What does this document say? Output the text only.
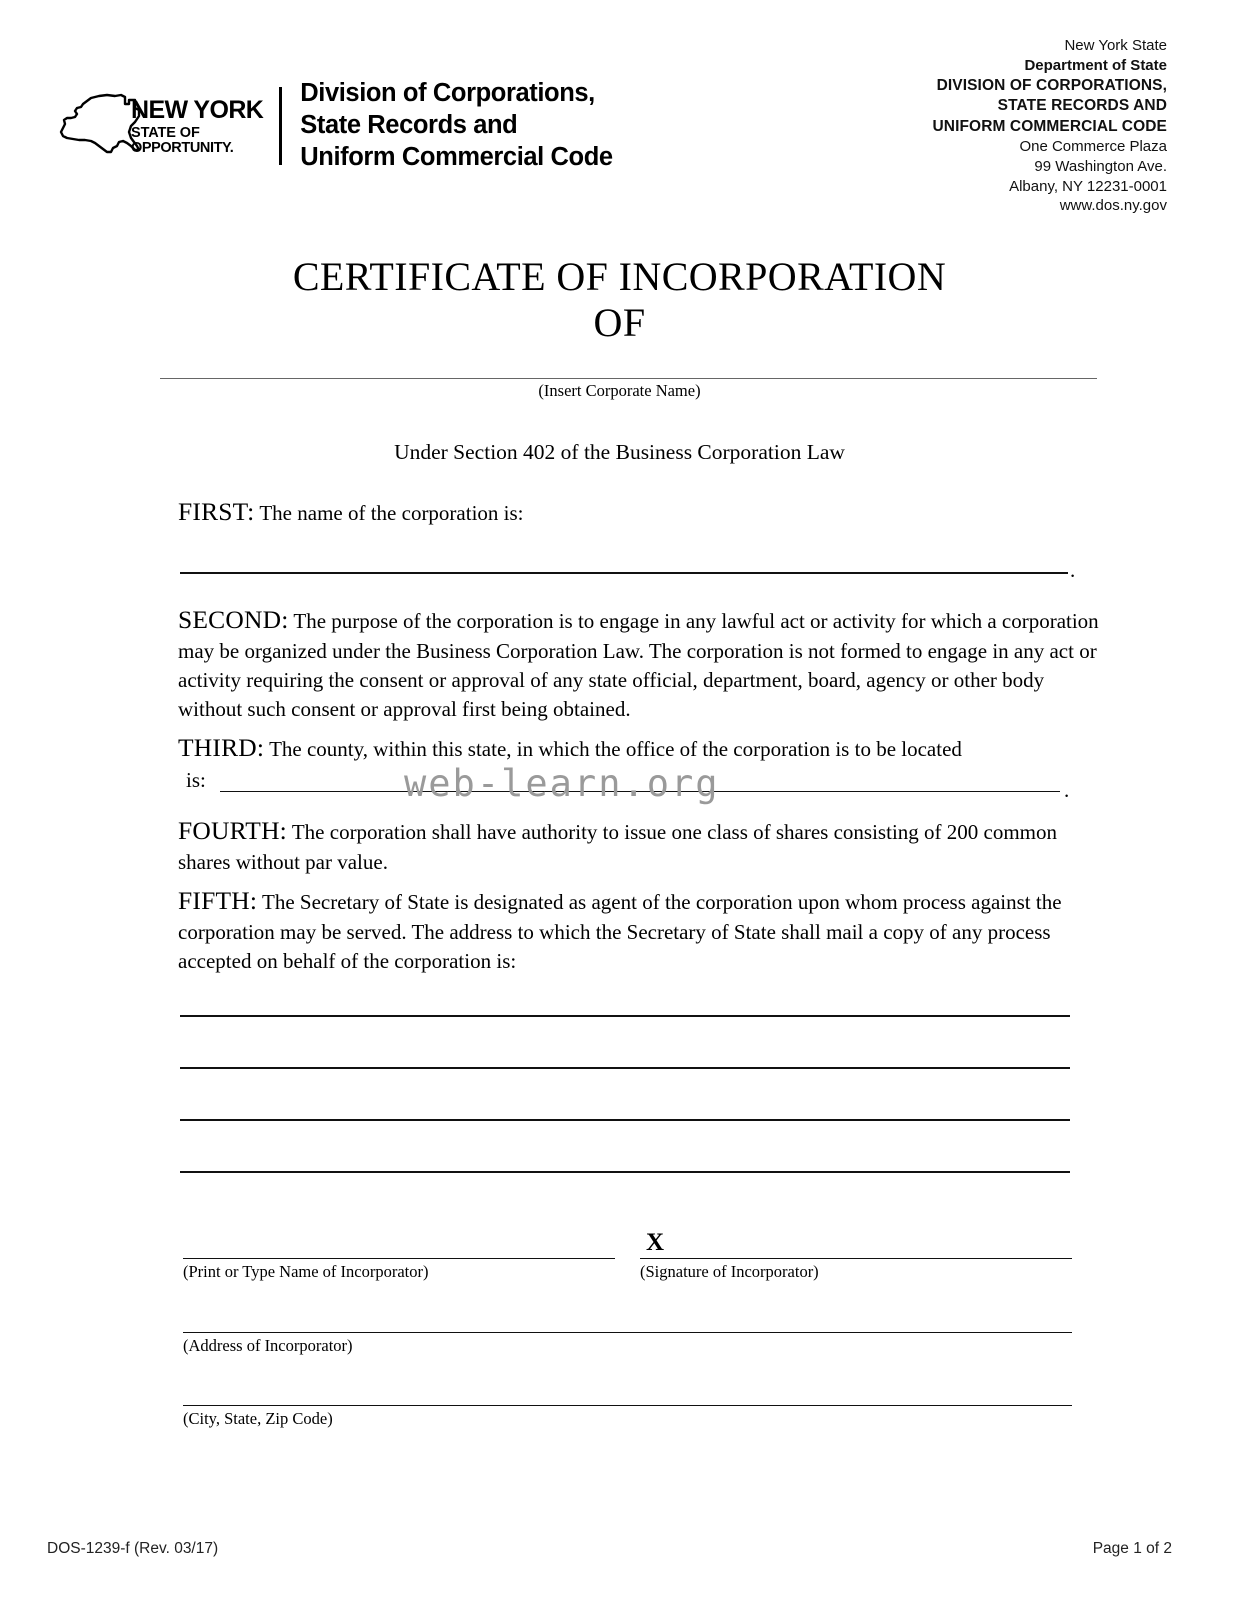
NEW YORK
STATE OF
OPPORTUNITY.
Division of Corporations,
State Records and
Uniform Commercial Code
New York State
Department of State
DIVISION OF CORPORATIONS,
STATE RECORDS AND
UNIFORM COMMERCIAL CODE
One Commerce Plaza
99 Washington Ave.
Albany, NY 12231-0001
www.dos.ny.gov
CERTIFICATE OF INCORPORATION
OF
(Insert Corporate Name)
Under Section 402 of the Business Corporation Law
FIRST: The name of the corporation is:
.
SECOND: The purpose of the corporation is to engage in any lawful act or activity for which a corporation may be organized under the Business Corporation Law. The corporation is not formed to engage in any act or activity requiring the consent or approval of any state official, department, board, agency or other body without such consent or approval first being obtained.
THIRD: The county, within this state, in which the office of the corporation is to be located
is:	.
web-learn.org
FOURTH: The corporation shall have authority to issue one class of shares consisting of 200 common shares without par value.
FIFTH: The Secretary of State is designated as agent of the corporation upon whom process against the corporation may be served. The address to which the Secretary of State shall mail a copy of any process accepted on behalf of the corporation is:
X
(Print or Type Name of Incorporator)	(Signature of Incorporator)
(Address of Incorporator)
(City, State, Zip Code)
DOS-1239-f (Rev. 03/17)	Page 1 of 2
